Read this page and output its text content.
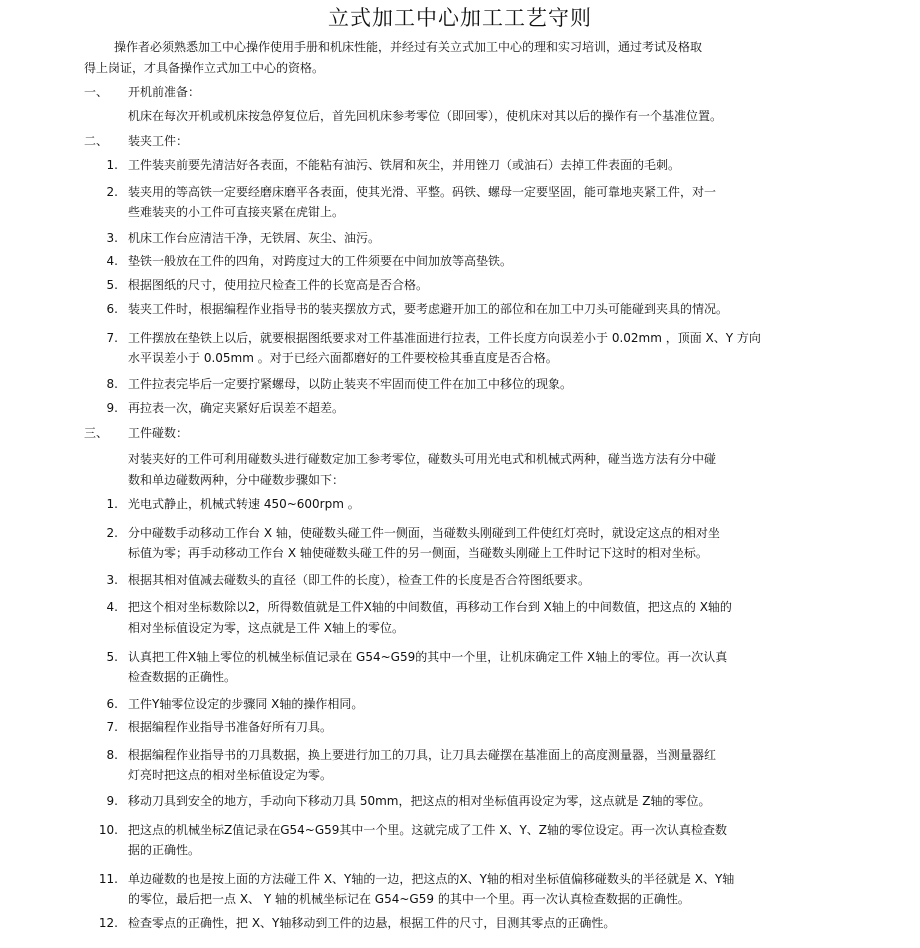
立式加工中心加工工艺守则
操作者必须熟悉加工中心操作使用手册和机床性能，并经过有关立式加工中心的理和实习培训，通过考试及格取
得上岗证，才具备操作立式加工中心的资格。
一、 开机前准备：
机床在每次开机或机床按急停复位后，首先回机床参考零位（即回零），使机床对其以后的操作有一个基准位置。
二、 装夹工件：
1. 工件装夹前要先清洁好各表面，不能粘有油污、铁屑和灰尘，并用锉刀（或油石）去掉工件表面的毛刺。
2. 装夹用的等高铁一定要经磨床磨平各表面，使其光滑、平整。码铁、螺母一定要坚固，能可靠地夹紧工件，对一
些难装夹的小工件可直接夹紧在虎钳上。
3. 机床工作台应清洁干净，无铁屑、灰尘、油污。
4. 垫铁一般放在工件的四角，对跨度过大的工件须要在中间加放等高垫铁。
5. 根据图纸的尺寸，使用拉尺检查工件的长宽高是否合格。
6. 装夹工件时，根据编程作业指导书的装夹摆放方式，要考虑避开加工的部位和在加工中刀头可能碰到夹具的情况。
7. 工件摆放在垫铁上以后，就要根据图纸要求对工件基准面进行拉表，工件长度方向误差小于 0.02mm ，顶面 X、Y 方向
水平误差小于 0.05mm 。对于已经六面都磨好的工件要校检其垂直度是否合格。
8. 工件拉表完毕后一定要拧紧螺母，以防止装夹不牢固而使工件在加工中移位的现象。
9. 再拉表一次，确定夹紧好后误差不超差。
三、 工件碰数：
对装夹好的工件可利用碰数头进行碰数定加工参考零位，碰数头可用光电式和机械式两种，碰当选方法有分中碰
数和单边碰数两种，分中碰数步骤如下：
1. 光电式静止，机械式转速 450~600rpm 。
2. 分中碰数手动移动工作台 X 轴，使碰数头碰工件一侧面，当碰数头刚碰到工件使红灯亮时，就设定这点的相对坐
标值为零；再手动移动工作台 X 轴使碰数头碰工件的另一侧面，当碰数头刚碰上工件时记下这时的相对坐标。
3. 根据其相对值减去碰数头的直径（即工件的长度），检查工件的长度是否合符图纸要求。
4. 把这个相对坐标数除以2，所得数值就是工件X轴的中间数值，再移动工作台到 X轴上的中间数值，把这点的 X轴的
相对坐标值设定为零，这点就是工件 X轴上的零位。
5. 认真把工件X轴上零位的机械坐标值记录在 G54~G59的其中一个里，让机床确定工件 X轴上的零位。再一次认真
检查数据的正确性。
6. 工件Y轴零位设定的步骤同 X轴的操作相同。
7. 根据编程作业指导书准备好所有刀具。
8. 根据编程作业指导书的刀具数据，换上要进行加工的刀具，让刀具去碰摆在基准面上的高度测量器，当测量器红
灯亮时把这点的相对坐标值设定为零。
9. 移动刀具到安全的地方，手动向下移动刀具 50mm，把这点的相对坐标值再设定为零，这点就是 Z轴的零位。
10. 把这点的机械坐标Z值记录在G54~G59其中一个里。这就完成了工件 X、Y、Z轴的零位设定。再一次认真检查数
据的正确性。
11. 单边碰数的也是按上面的方法碰工件 X、Y轴的一边，把这点的X、Y轴的相对坐标值偏移碰数头的半径就是 X、Y轴
的零位，最后把一点 X、 Y 轴的机械坐标记在 G54~G59 的其中一个里。再一次认真检查数据的正确性。
12. 检查零点的正确性，把 X、Y轴移动到工件的边悬，根据工件的尺寸，目测其零点的正确性。
